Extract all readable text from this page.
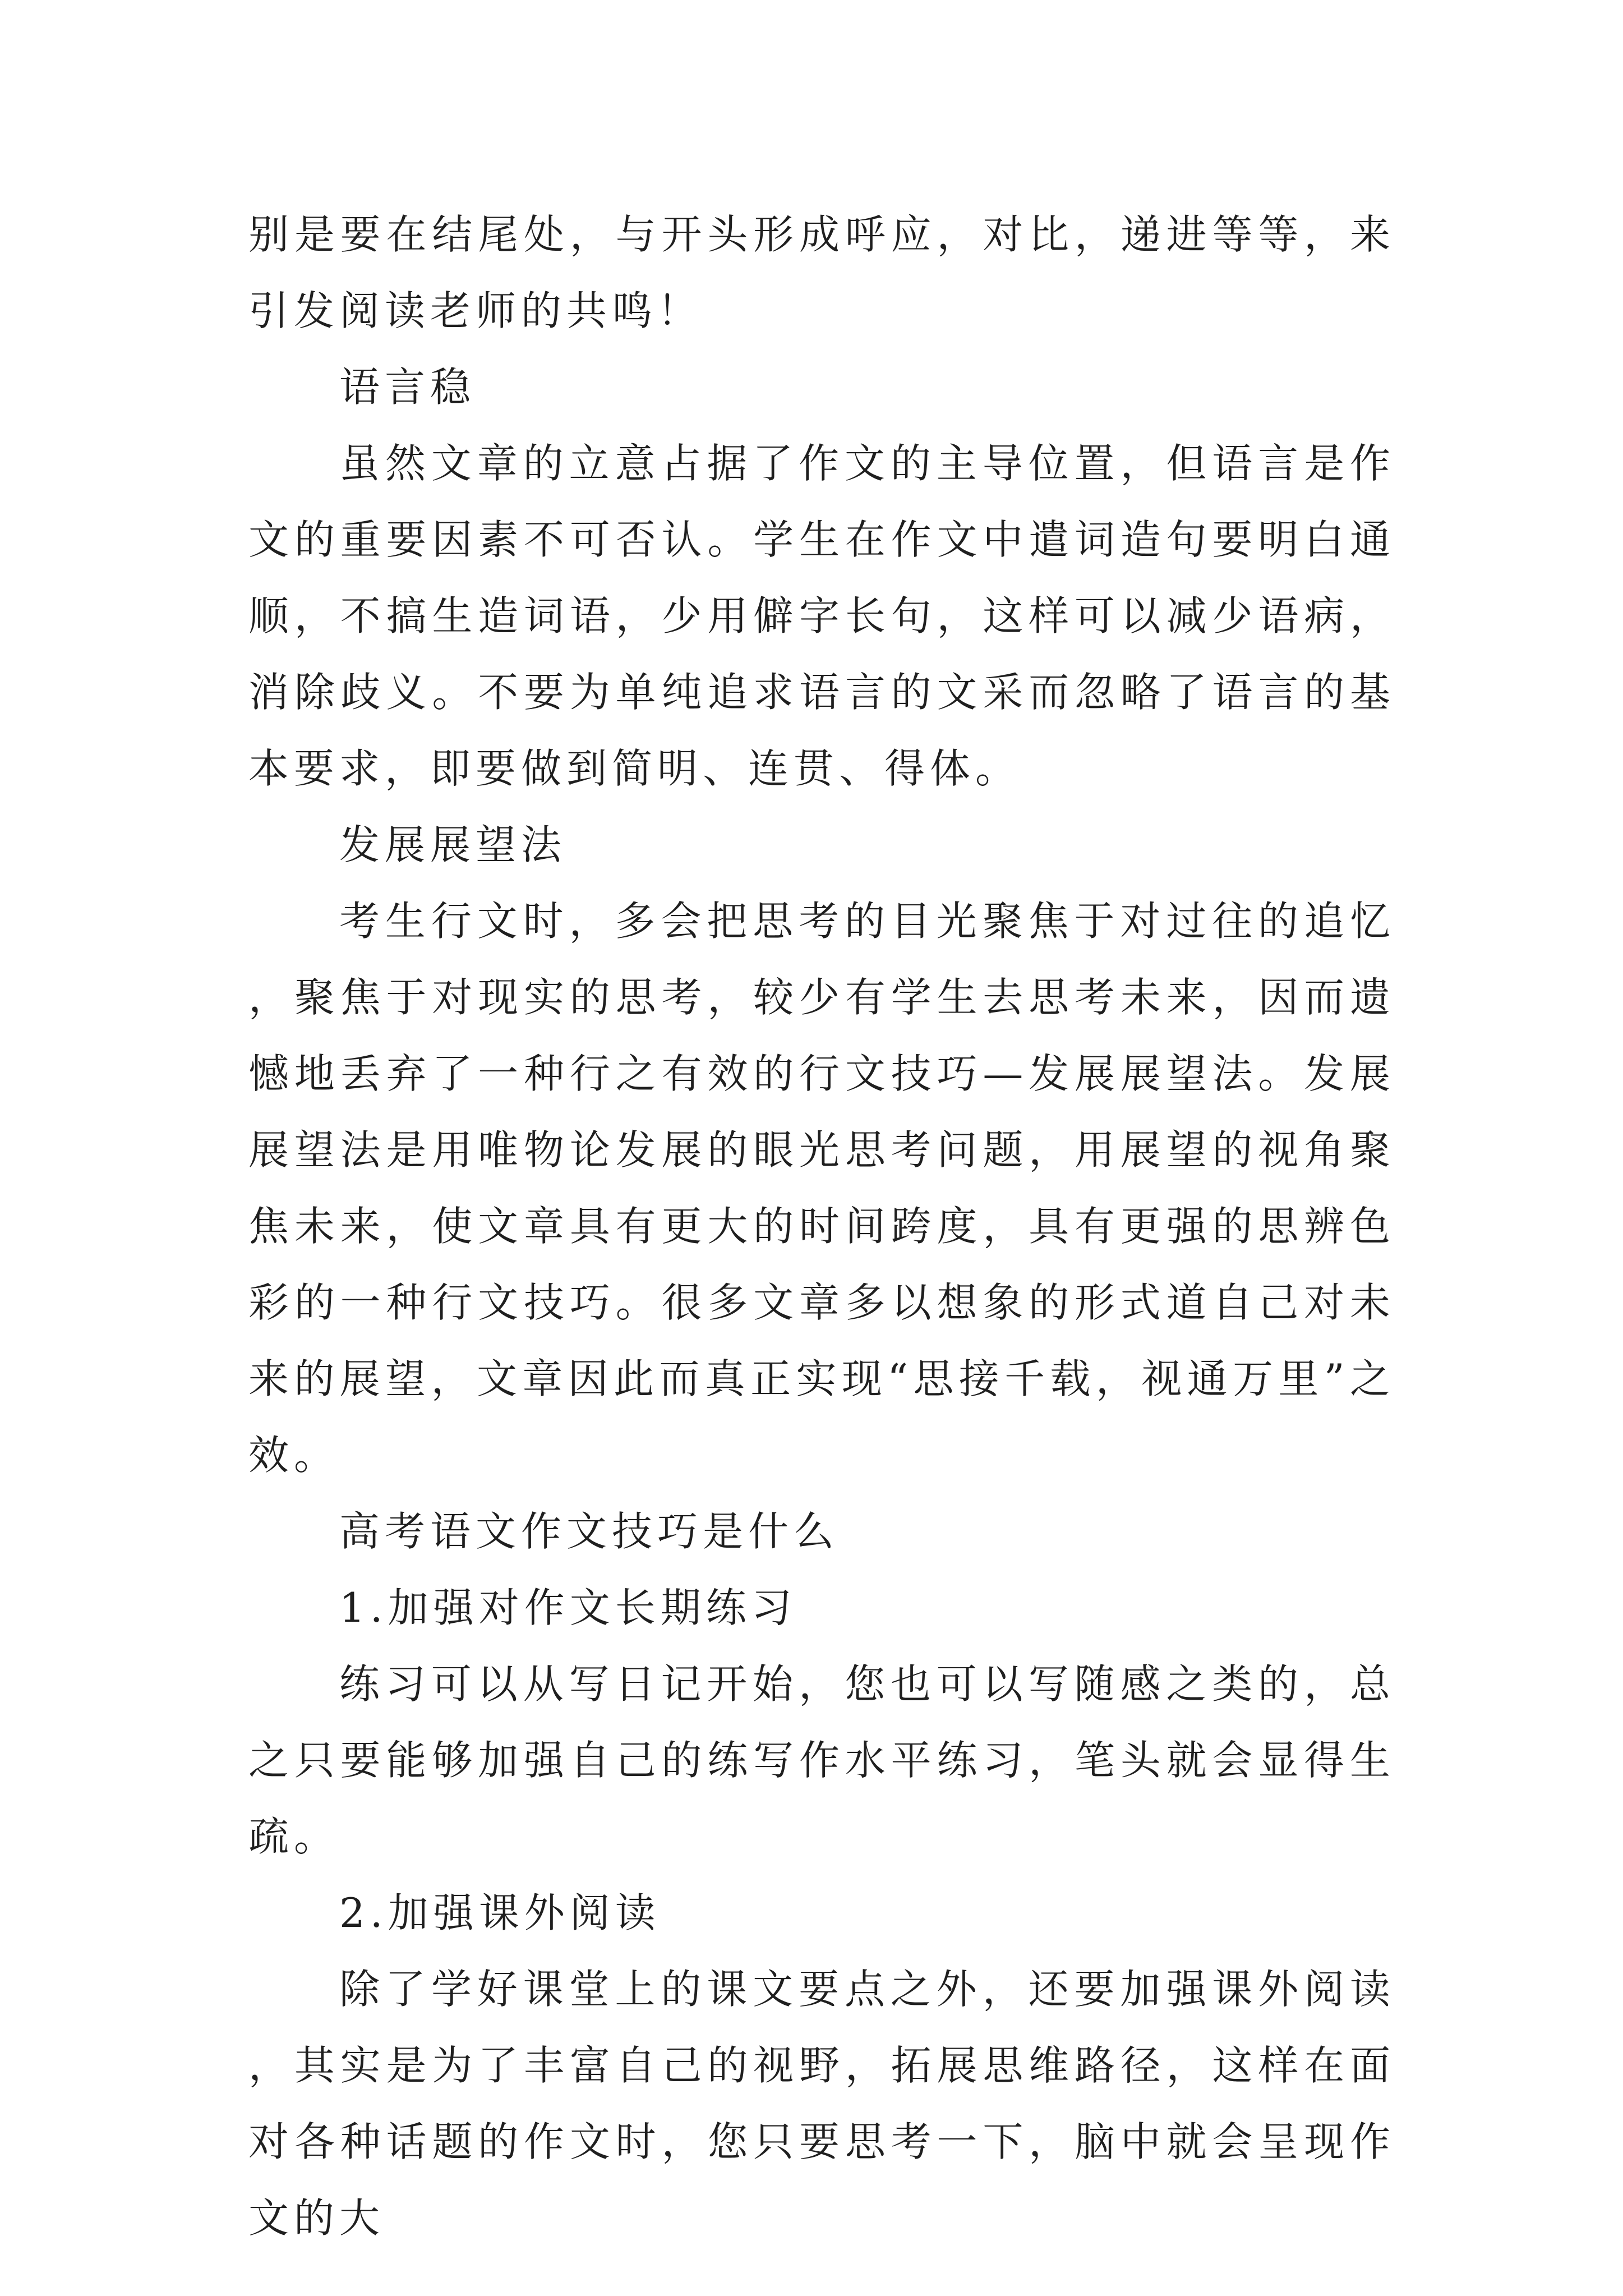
别是要在结尾处，与开头形成呼应，对比，递进等等，来引发阅读老师的共鸣！

语言稳

虽然文章的立意占据了作文的主导位置，但语言是作文的重要因素不可否认。学生在作文中遣词造句要明白通顺，不搞生造词语，少用僻字长句，这样可以减少语病，消除歧义。不要为单纯追求语言的文采而忽略了语言的基本要求，即要做到简明、连贯、得体。

发展展望法

考生行文时，多会把思考的目光聚焦于对过往的追忆，聚焦于对现实的思考，较少有学生去思考未来，因而遗憾地丢弃了一种行之有效的行文技巧—发展展望法。发展展望法是用唯物论发展的眼光思考问题，用展望的视角聚焦未来，使文章具有更大的时间跨度，具有更强的思辨色彩的一种行文技巧。很多文章多以想象的形式道自己对未来的展望，文章因此而真正实现“思接千载，视通万里”之效。

高考语文作文技巧是什么

1.加强对作文长期练习

练习可以从写日记开始，您也可以写随感之类的，总之只要能够加强自己的练写作水平练习，笔头就会显得生疏。

2.加强课外阅读

除了学好课堂上的课文要点之外，还要加强课外阅读，其实是为了丰富自己的视野，拓展思维路径，这样在面对各种话题的作文时，您只要思考一下，脑中就会呈现作文的大
